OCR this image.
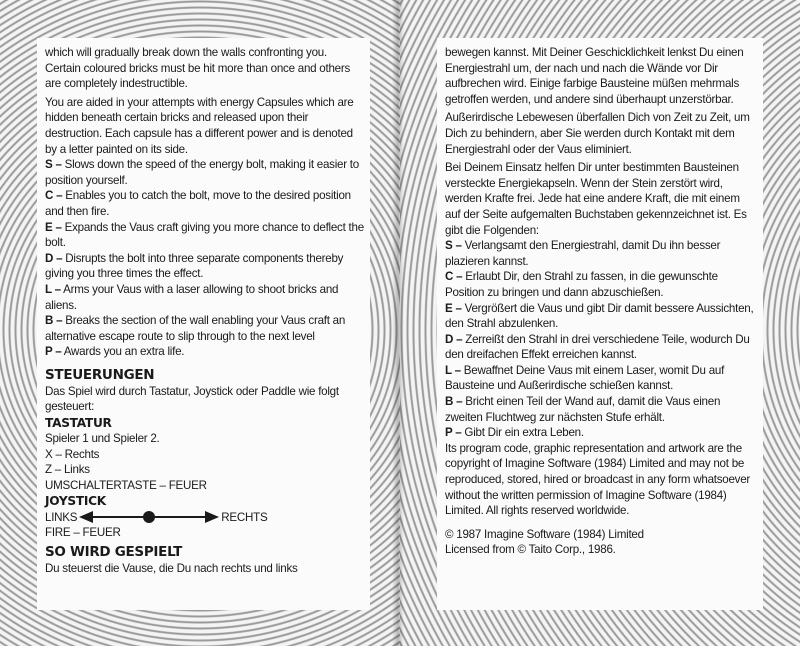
which will gradually break down the walls confronting you. Certain coloured bricks must be hit more than once and others are completely indestructible.

You are aided in your attempts with energy Capsules which are hidden beneath certain bricks and released upon their destruction. Each capsule has a different power and is denoted by a letter painted on its side.

S – Slows down the speed of the energy bolt, making it easier to position yourself.

C – Enables you to catch the bolt, move to the desired position and then fire.

E – Expands the Vaus craft giving you more chance to deflect the bolt.

D – Disrupts the bolt into three separate components thereby giving you three times the effect.

L – Arms your Vaus with a laser allowing to shoot bricks and aliens.

B – Breaks the section of the wall enabling your Vaus craft an alternative escape route to slip through to the next level

P – Awards you an extra life.

STEUERUNGEN

Das Spiel wird durch Tastatur, Joystick oder Paddle wie folgt gesteuert:

TASTATUR

Spieler 1 und Spieler 2.

X – Rechts

Z – Links

UMSCHALTERTASTE – FEUER

JOYSTICK
LINKS	RECHTS

FIRE – FEUER

SO WIRD GESPIELT

Du steuerst die Vause, die Du nach rechts und links

bewegen kannst. Mit Deiner Geschicklichkeit lenkst Du einen Energiestrahl um, der nach und nach die Wände vor Dir aufbrechen wird. Einige farbige Bausteine müßen mehrmals getroffen werden, und andere sind überhaupt unzerstörbar.

Außerirdische Lebewesen überfallen Dich von Zeit zu Zeit, um Dich zu behindern, aber Sie werden durch Kontakt mit dem Energiestrahl oder der Vaus eliminiert.

Bei Deinem Einsatz helfen Dir unter bestimmten Bausteinen versteckte Energiekapseln. Wenn der Stein zerstört wird, werden Krafte frei. Jede hat eine andere Kraft, die mit einem auf der Seite aufgemalten Buchstaben gekennzeichnet ist. Es gibt die Folgenden:

S – Verlangsamt den Energiestrahl, damit Du ihn besser plazieren kannst.

C – Erlaubt Dir, den Strahl zu fassen, in die gewunschte Position zu bringen und dann abzuschießen.

E – Vergrößert die Vaus und gibt Dir damit bessere Aussichten, den Strahl abzulenken.

D – Zerreißt den Strahl in drei verschiedene Teile, wodurch Du den dreifachen Effekt erreichen kannst.

L – Bewaffnet Deine Vaus mit einem Laser, womit Du auf Bausteine und Außerirdische schießen kannst.

B – Bricht einen Teil der Wand auf, damit die Vaus einen zweiten Fluchtweg zur nächsten Stufe erhält.

P – Gibt Dir ein extra Leben.

Its program code, graphic representation and artwork are the copyright of Imagine Software (1984) Limited and may not be reproduced, stored, hired or broadcast in any form whatsoever without the written permission of Imagine Software (1984) Limited. All rights reserved worldwide.

© 1987 Imagine Software (1984) Limited

Licensed from © Taito Corp., 1986.
